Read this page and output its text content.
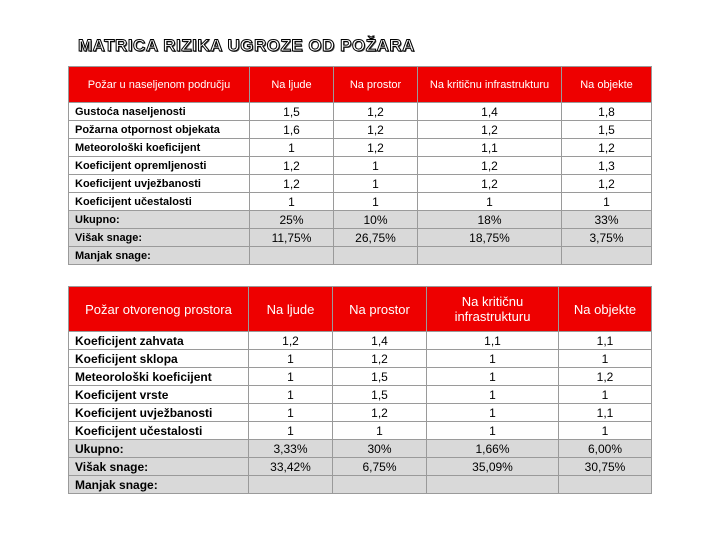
MATRICA RIZIKA UGROZE OD POŽARA
Požar u naseljenom području	Na ljude	Na prostor	Na kritičnu infrastrukturu	Na objekte
Gustoća naseljenosti	1,5	1,2	1,4	1,8
Požarna otpornost objekata	1,6	1,2	1,2	1,5
Meteorološki koeficijent	1	1,2	1,1	1,2
Koeficijent opremljenosti	1,2	1	1,2	1,3
Koeficijent uvježbanosti	1,2	1	1,2	1,2
Koeficijent učestalosti	1	1	1	1
Ukupno:	25%	10%	18%	33%
Višak snage:	11,75%	26,75%	18,75%	3,75%
Manjak snage:				
Požar otvorenog prostora	Na ljude	Na prostor	Na kritičnu infrastrukturu	Na objekte
Koeficijent zahvata	1,2	1,4	1,1	1,1
Koeficijent sklopa	1	1,2	1	1
Meteorološki koeficijent	1	1,5	1	1,2
Koeficijent vrste	1	1,5	1	1
Koeficijent uvježbanosti	1	1,2	1	1,1
Koeficijent učestalosti	1	1	1	1
Ukupno:	3,33%	30%	1,66%	6,00%
Višak snage:	33,42%	6,75%	35,09%	30,75%
Manjak snage:				
